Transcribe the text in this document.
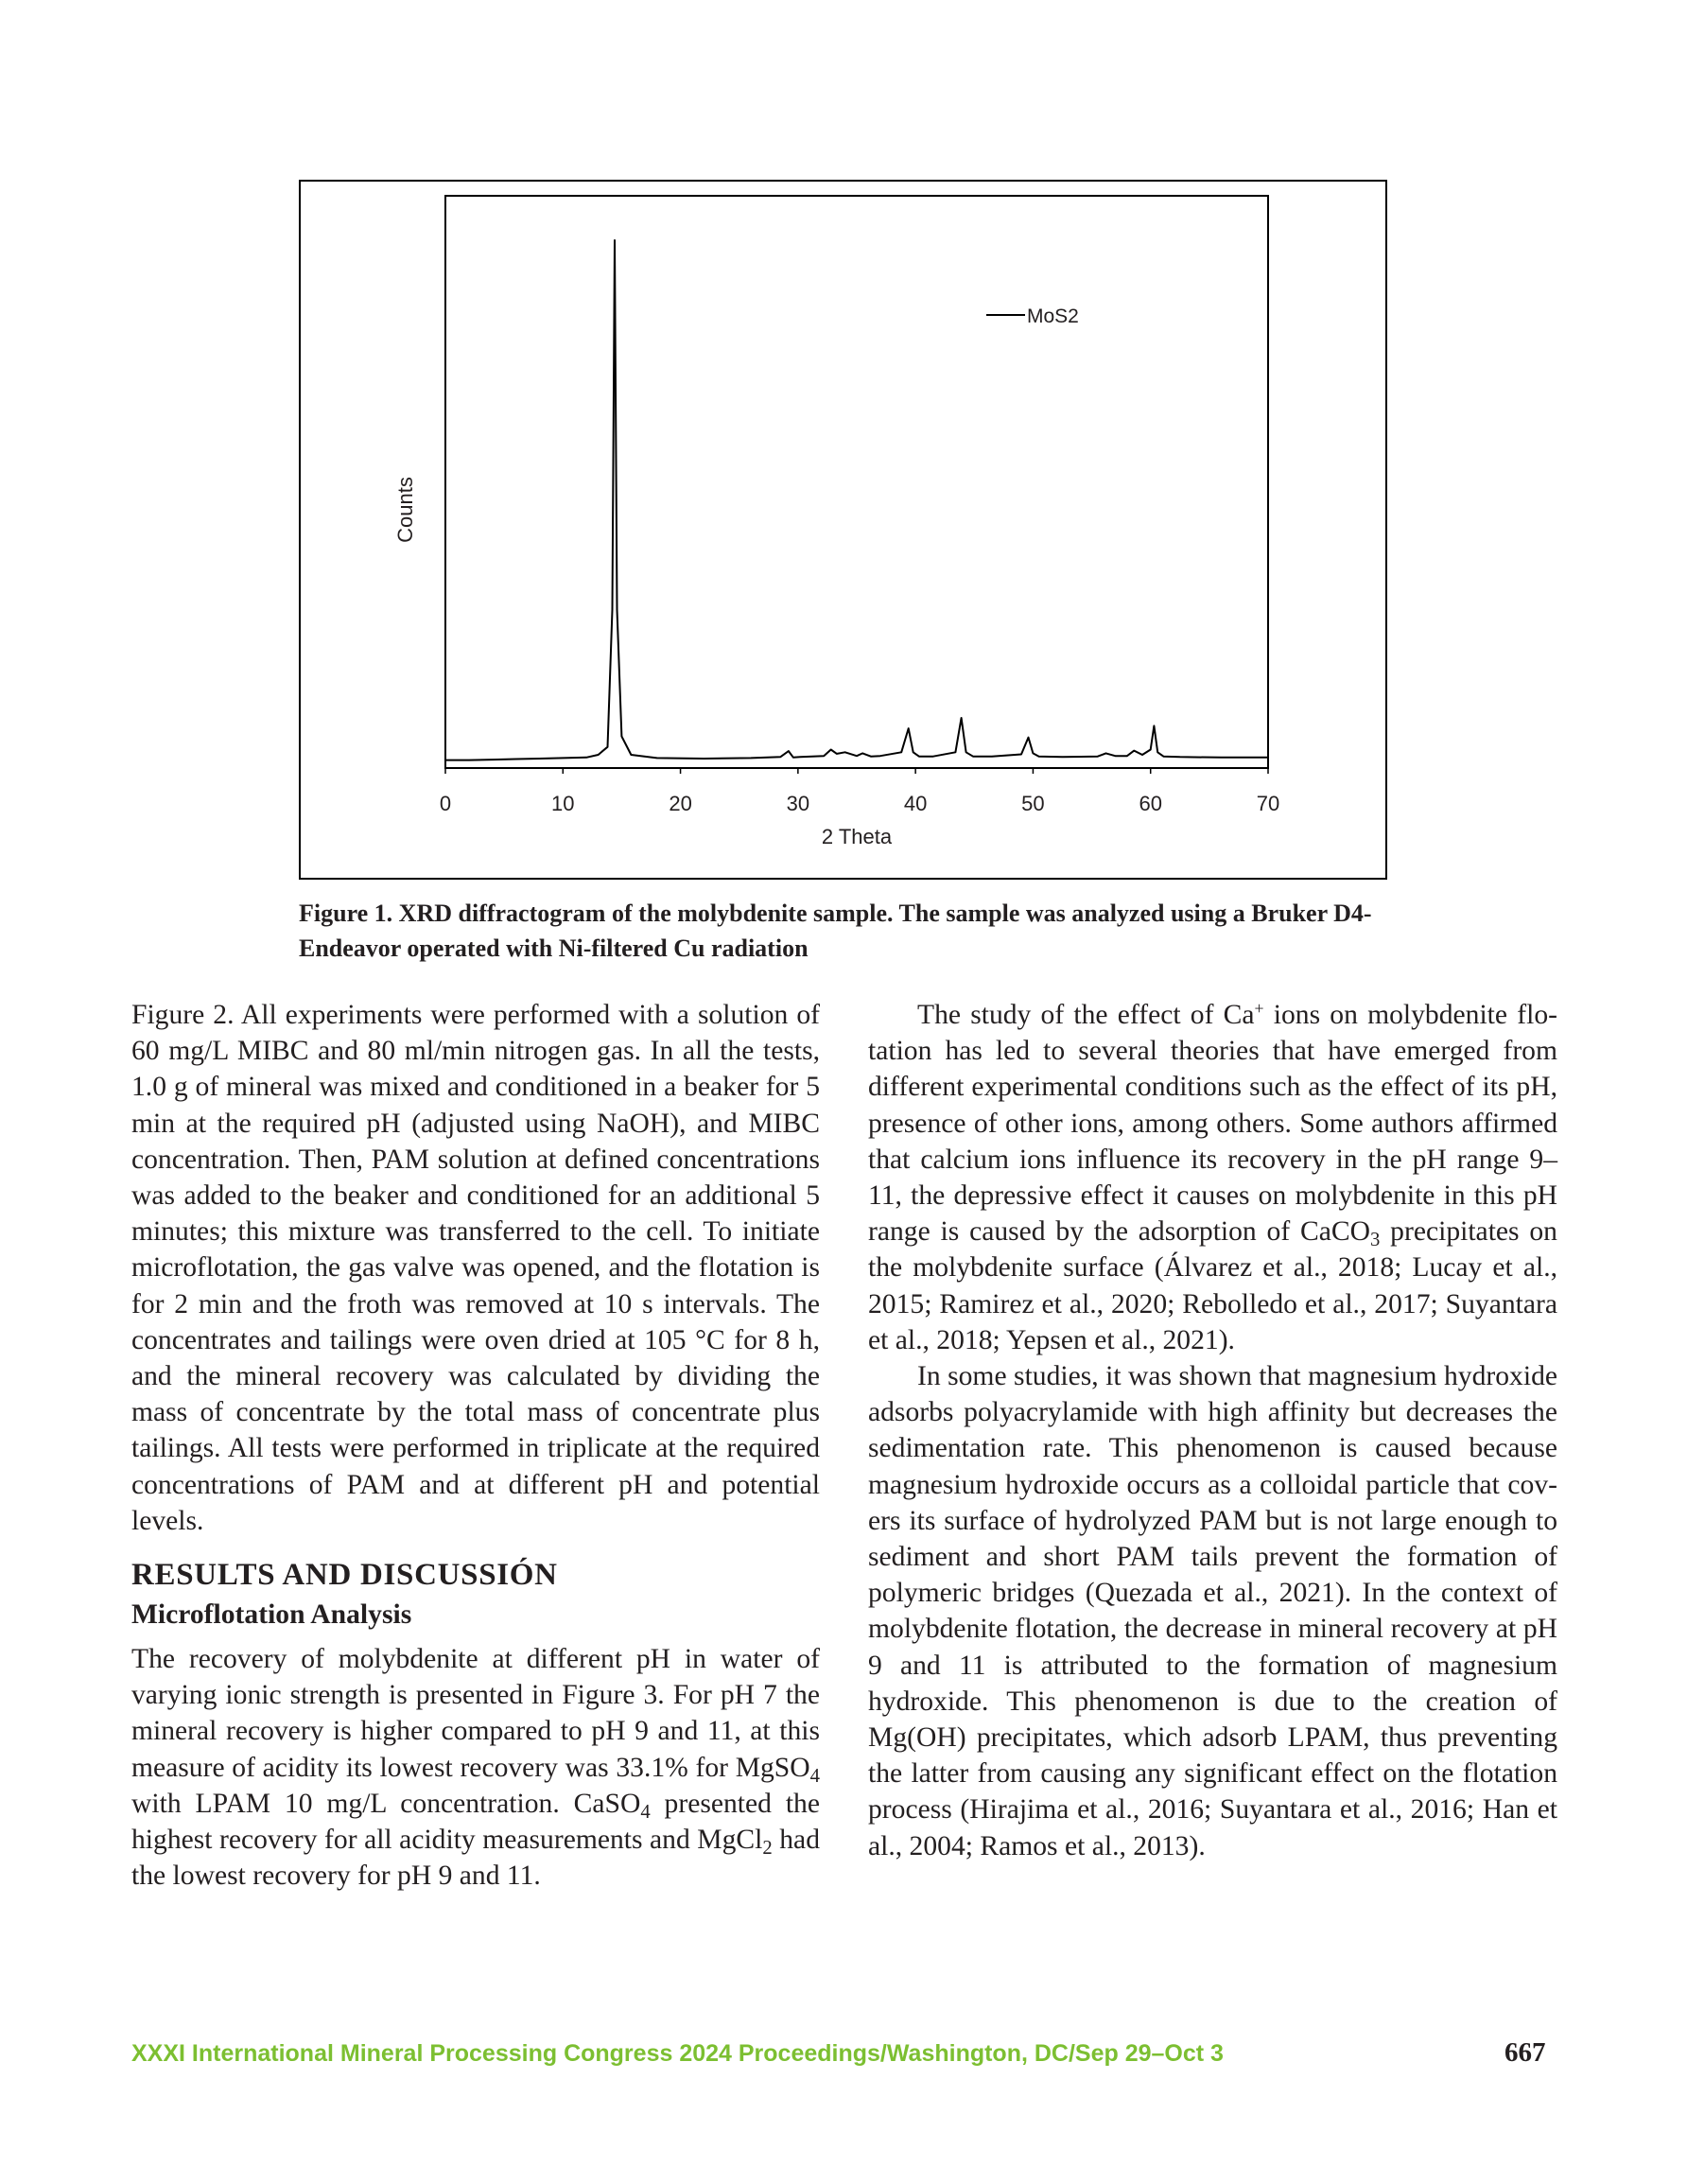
0	10	20	30	40	50	60	70
2 Theta
Counts
MoS2
Figure 1. XRD diffractogram of the molybdenite sample. The sample was analyzed using a Bruker D4-Endeavor operated with Ni-filtered Cu radiation

Figure 2. All experiments were performed with a solution of 60 mg/L MIBC and 80 ml/min nitrogen gas. In all the tests, 1.0 g of mineral was mixed and conditioned in a beaker for 5 min at the required pH (adjusted using NaOH), and MIBC concentration. Then, PAM solution at defined concentrations was added to the beaker and conditioned for an additional 5 minutes; this mixture was transferred to the cell. To initiate microflotation, the gas valve was opened, and the flotation is for 2 min and the froth was removed at 10 s intervals. The concentrates and tailings were oven dried at 105 °C for 8 h, and the mineral recovery was calculated by dividing the mass of concentrate by the total mass of concentrate plus tailings. All tests were performed in triplicate at the required concentrations of PAM and at different pH and potential levels.

RESULTS AND DISCUSSIÓN
Microflotation Analysis

The recovery of molybdenite at different pH in water of varying ionic strength is presented in Figure 3. For pH 7 the mineral recovery is higher compared to pH 9 and 11, at this measure of acidity its lowest recovery was 33.1% for MgSO$_4$ with LPAM 10 mg/L concentration. CaSO$_4$ presented the highest recovery for all acidity measurements and MgCl$_2$ had the lowest recovery for pH 9 and 11.

The study of the effect of Ca+ ions on molybdenite flotation has led to several theories that have emerged from different experimental conditions such as the effect of its pH, presence of other ions, among others. Some authors affirmed that calcium ions influence its recovery in the pH range 9–11, the depressive effect it causes on molybdenite in this pH range is caused by the adsorption of CaCO$_3$ precipitates on the molybdenite surface (Álvarez et al., 2018; Lucay et al., 2015; Ramirez et al., 2020; Rebolledo et al., 2017; Suyantara et al., 2018; Yepsen et al., 2021).

In some studies, it was shown that magnesium hydroxide adsorbs polyacrylamide with high affinity but decreases the sedimentation rate. This phenomenon is caused because magnesium hydroxide occurs as a colloidal particle that covers its surface of hydrolyzed PAM but is not large enough to sediment and short PAM tails prevent the formation of polymeric bridges (Quezada et al., 2021). In the context of molybdenite flotation, the decrease in mineral recovery at pH 9 and 11 is attributed to the formation of magnesium hydroxide. This phenomenon is due to the creation of Mg(OH) precipitates, which adsorb LPAM, thus preventing the latter from causing any significant effect on the flotation process (Hirajima et al., 2016; Suyantara et al., 2016; Han et al., 2004; Ramos et al., 2013).

XXXI International Mineral Processing Congress 2024 Proceedings/Washington, DC/Sep 29–Oct 3	667
